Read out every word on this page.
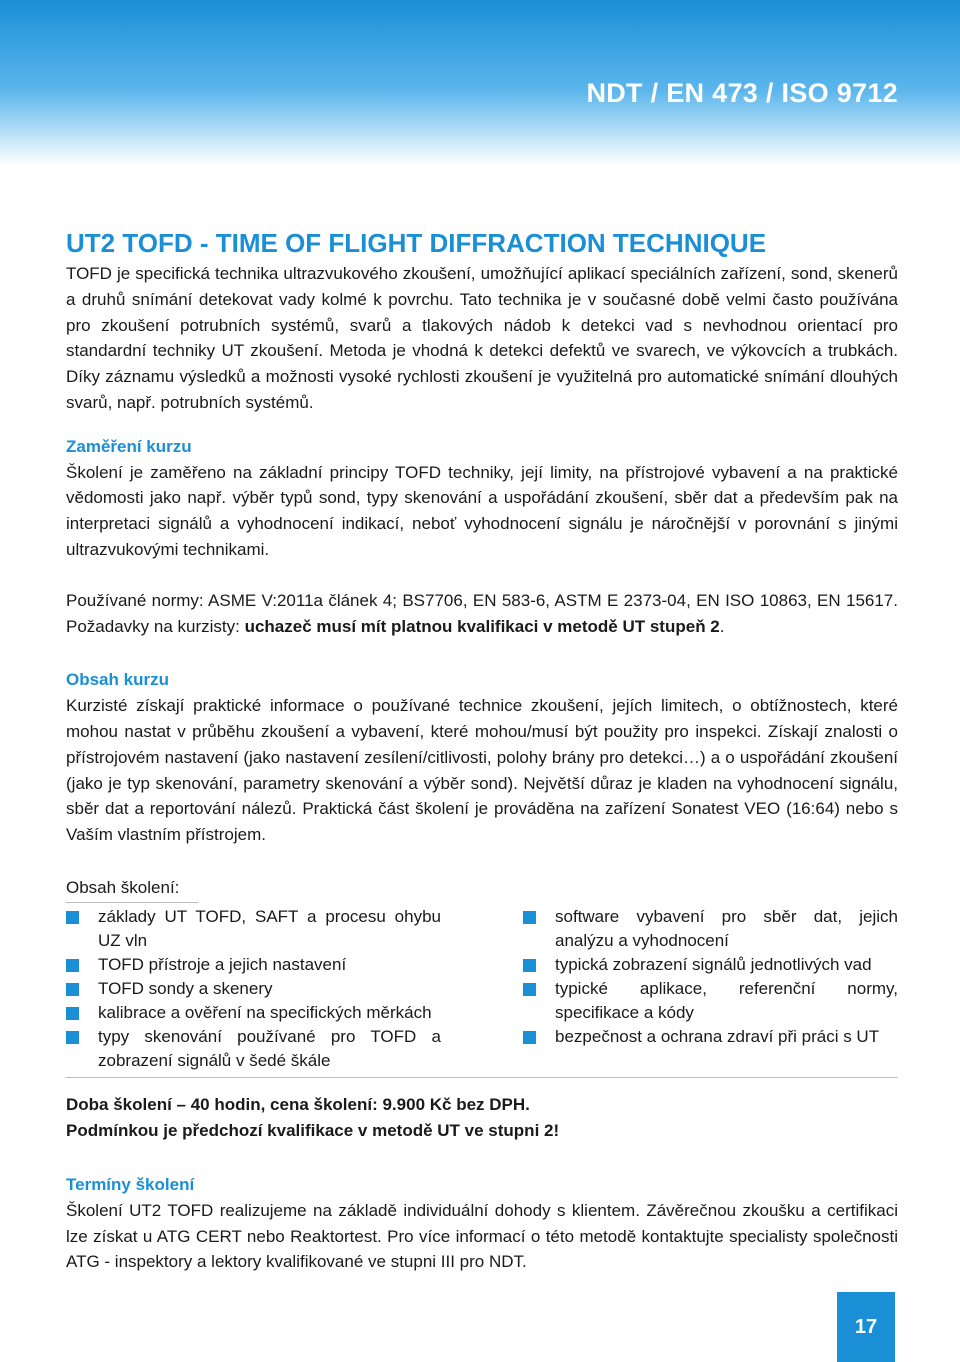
NDT / EN 473 / ISO 9712
UT2 TOFD - TIME OF FLIGHT DIFFRACTION TECHNIQUE

TOFD je specifická technika ultrazvukového zkoušení, umožňující aplikací speciálních zařízení, sond, skenerů a druhů snímání detekovat vady kolmé k povrchu. Tato technika je v současné době velmi často používána pro zkoušení potrubních systémů, svarů a tlakových nádob k detekci vad s nevhodnou orientací pro standardní techniky UT zkoušení. Metoda je vhodná k detekci defektů ve svarech, ve výkovcích a trubkách. Díky záznamu výsledků a možnosti vysoké rychlosti zkoušení je využitelná pro automatické snímání dlouhých svarů, např. potrubních systémů.

Zaměření kurzu

Školení je zaměřeno na základní principy TOFD techniky, její limity, na přístrojové vybavení a na praktické vědomosti jako např. výběr typů sond, typy skenování a uspořádání zkoušení, sběr dat a především pak na interpretaci signálů a vyhodnocení indikací, neboť vyhodnocení signálu je náročnější v porovnání s jinými ultrazvukovými technikami.

Používané normy: ASME V:2011a článek 4; BS7706, EN 583-6, ASTM E 2373-04, EN ISO 10863, EN 15617. Požadavky na kurzisty: uchazeč musí mít platnou kvalifikaci v metodě UT stupeň 2.

Obsah kurzu

Kurzisté získají praktické informace o používané technice zkoušení, jejích limitech, o obtížnostech, které mohou nastat v průběhu zkoušení a vybavení, které mohou/musí být použity pro inspekci. Získají znalosti o přístrojovém nastavení (jako nastavení zesílení/citlivosti, polohy brány pro detekci…) a o uspořádání zkoušení (jako je typ skenování, parametry skenování a výběr sond). Největší důraz je kladen na vyhodnocení signálu, sběr dat a reportování nálezů. Praktická část školení je prováděna na zařízení Sonatest VEO (16:64) nebo s Vaším vlastním přístrojem.

Obsah školení:
základy UT TOFD, SAFT a procesu ohybu UZ vln
TOFD přístroje a jejich nastavení
TOFD sondy a skenery
kalibrace a ověření na specifických měrkách
typy skenování používané pro TOFD a zobrazení signálů v šedé škále
software vybavení pro sběr dat, jejich analýzu a vyhodnocení
typická zobrazení signálů jednotlivých vad
typické aplikace, referenční normy, specifikace a kódy
bezpečnost a ochrana zdraví při práci s UT

Doba školení – 40 hodin, cena školení: 9.900 Kč bez DPH.

Podmínkou je předchozí kvalifikace v metodě UT ve stupni 2!

Termíny školení

Školení UT2 TOFD realizujeme na základě individuální dohody s klientem. Závěrečnou zkoušku a certifikaci lze získat u ATG CERT nebo Reaktortest. Pro více informací o této metodě kontaktujte specialisty společnosti ATG - inspektory a lektory kvalifikované ve stupni III pro NDT.

17
